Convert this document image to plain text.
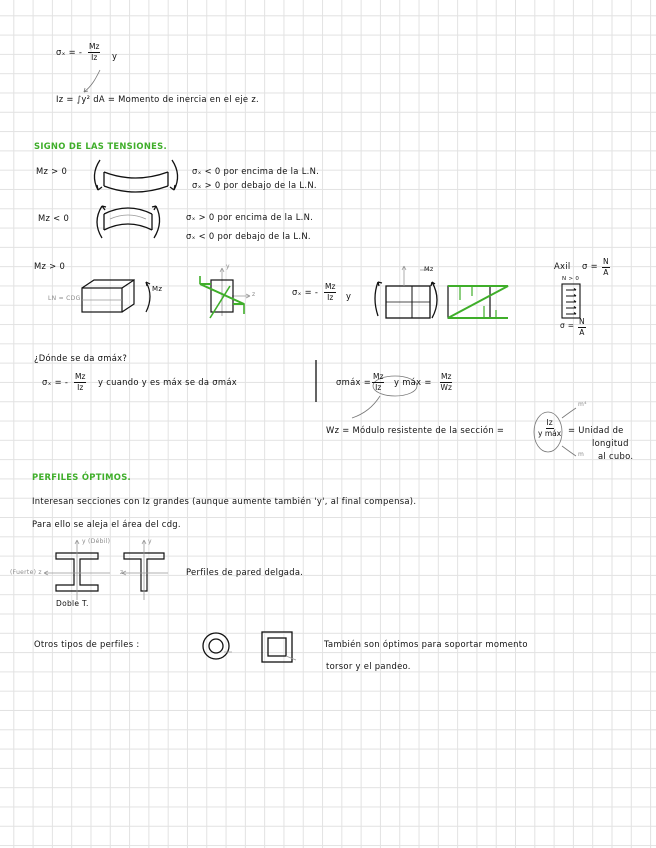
σₓ = - $\frac{Mz}{Iz}$ y
Iz = ∫y² dA = Momento de inercia en el eje z.
SIGNO DE LAS TENSIONES.
Mz > 0	σₓ < 0 por encima de la L.N.
σₓ > 0 por debajo de la L.N.
Mz < 0	σₓ > 0 por encima de la L.N.
σₓ < 0 por debajo de la L.N.
Mz > 0
LN = CDG
Mz
y
z	σₓ = - $\frac{Mz}{Iz}$ y
Mz	Axil $\sigma = \frac{N}{A}$
N > 0
$\sigma = \frac{N}{A}$
¿Dónde se da σmáx?
σₓ = - $\frac{Mz}{Iz}$ y cuando y es máx se da σmáx	σmáx = $\frac{Mz}{Iz}$ y máx = $\frac{Mz}{Wz}$
Wz = Módulo resistente de la sección =
Iz
y máx = Unidad de
longitud
al cubo.
m⁴
m
PERFILES ÓPTIMOS.
Interesan secciones con Iz grandes (aunque aumente también 'y', al final compensa).
Para ello se aleja el área del cdg.
y (Débil)
(Fuerte) z
y
z	Perfiles de pared delgada.
Doble T.
Otros tipos de perfiles :	También son óptimos para soportar momento
torsor y el pandeo.
